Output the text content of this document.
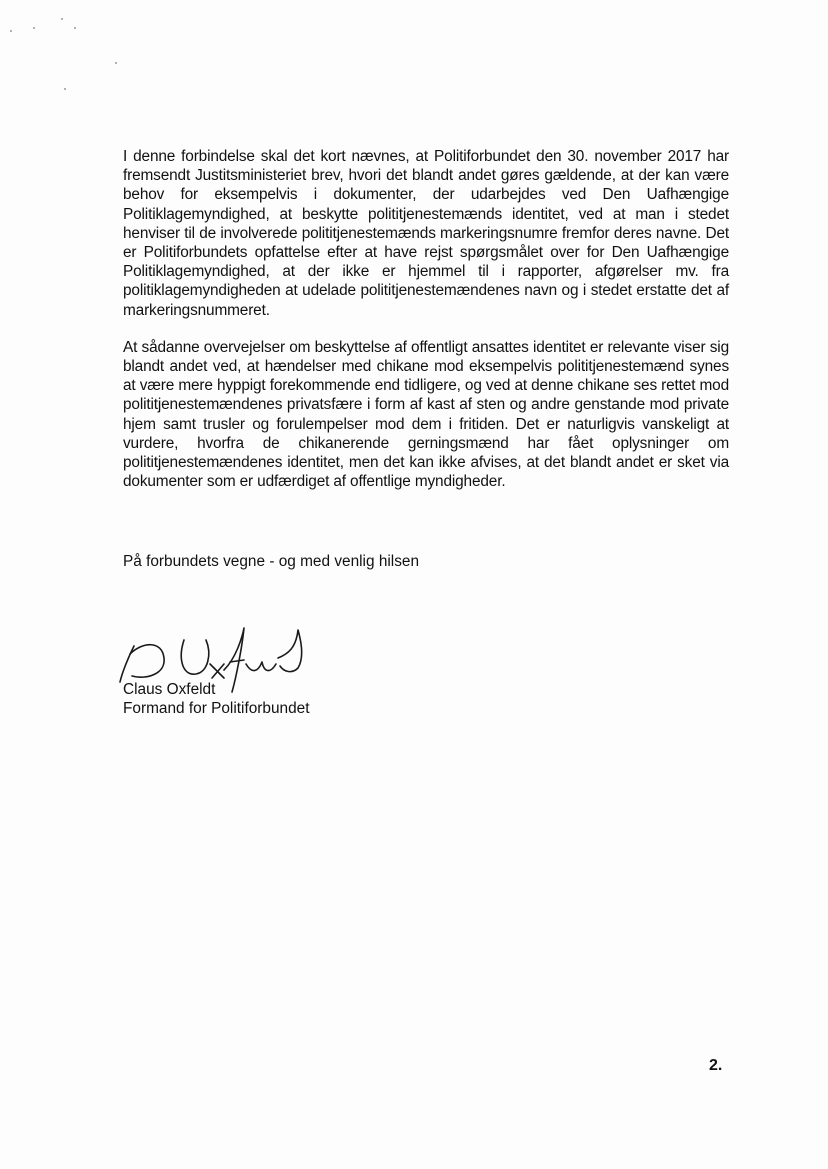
I denne forbindelse skal det kort nævnes, at Politiforbundet den 30. november 2017 har fremsendt Justitsministeriet brev, hvori det blandt andet gøres gældende, at der kan være behov for eksempelvis i dokumenter, der udarbejdes ved Den Uafhængige Politiklagemyndighed, at beskytte polititjenestemænds identitet, ved at man i stedet henviser til de involverede polititjenestemænds markeringsnumre fremfor deres navne. Det er Politiforbundets opfattelse efter at have rejst spørgsmålet over for Den Uafhængige Politiklagemyndighed, at der ikke er hjemmel til i rapporter, afgørelser mv. fra politiklagemyndigheden at udelade polititjenestemændenes navn og i stedet erstatte det af markeringsnummeret.

At sådanne overvejelser om beskyttelse af offentligt ansattes identitet er relevante viser sig blandt andet ved, at hændelser med chikane mod eksempelvis polititjenestemænd synes at være mere hyppigt forekommende end tidligere, og ved at denne chikane ses rettet mod polititjenestemændenes privatsfære i form af kast af sten og andre genstande mod private hjem samt trusler og forulempelser mod dem i fritiden. Det er naturligvis vanskeligt at vurdere, hvorfra de chikanerende gerningsmænd har fået oplysninger om polititjenestemændenes identitet, men det kan ikke afvises, at det blandt andet er sket via dokumenter som er udfærdiget af offentlige myndigheder.

På forbundets vegne - og med venlig hilsen
Claus Oxfeldt
Formand for Politiforbundet
2.
